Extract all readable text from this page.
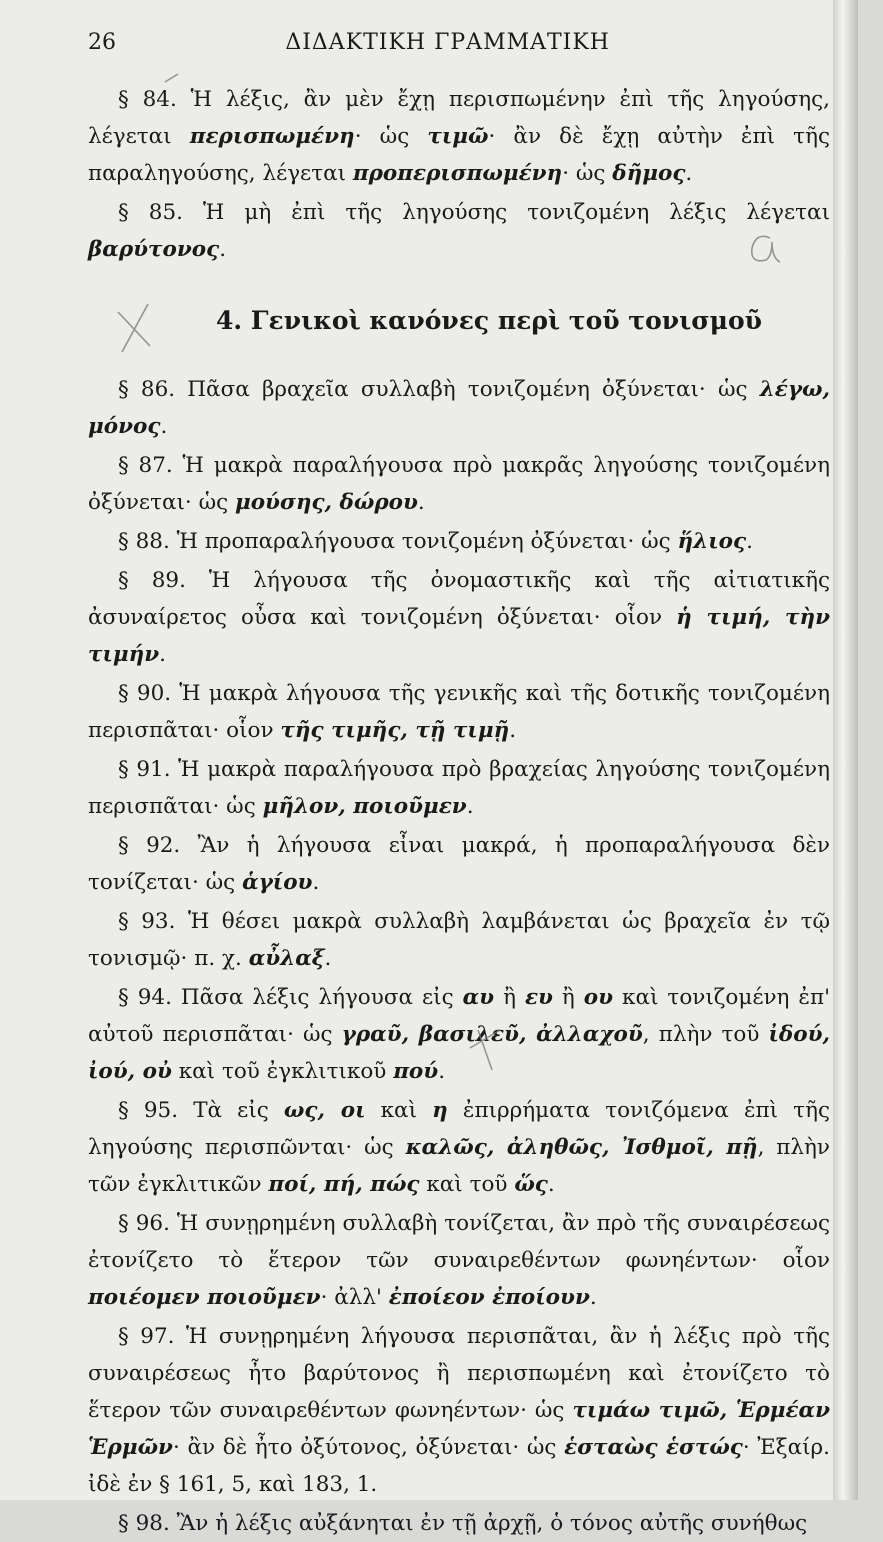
26	ΔΙΔΑΚΤΙΚΗ ΓΡΑΜΜΑΤΙΚΗ
§ 84. Ἡ λέξις, ἂν μὲν ἔχῃ περισπωμένην ἐπὶ τῆς ληγούσης, λέγεται περισπωμένη· ὡς τιμῶ· ἂν δὲ ἔχῃ αὐτὴν ἐπὶ τῆς παραληγούσης, λέγεται προπερισπωμένη· ὡς δῆμος.
§ 85. Ἡ μὴ ἐπὶ τῆς ληγούσης τονιζομένη λέξις λέγεται βαρύτονος.
4. Γενικοὶ κανόνες περὶ τοῦ τονισμοῦ
§ 86. Πᾶσα βραχεῖα συλλαβὴ τονιζομένη ὀξύνεται· ὡς λέγω, μόνος.
§ 87. Ἡ μακρὰ παραλήγουσα πρὸ μακρᾶς ληγούσης τονιζομένη ὀξύνεται· ὡς μούσης, δώρου.
§ 88. Ἡ προπαραλήγουσα τονιζομένη ὀξύνεται· ὡς ἥλιος.
§ 89. Ἡ λήγουσα τῆς ὀνομαστικῆς καὶ τῆς αἰτιατικῆς ἀσυναίρετος οὖσα καὶ τονιζομένη ὀξύνεται· οἷον ἡ τιμή, τὴν τιμήν.
§ 90. Ἡ μακρὰ λήγουσα τῆς γενικῆς καὶ τῆς δοτικῆς τονιζομένη περισπᾶται· οἷον τῆς τιμῆς, τῇ τιμῇ.
§ 91. Ἡ μακρὰ παραλήγουσα πρὸ βραχείας ληγούσης τονιζομένη περισπᾶται· ὡς μῆλον, ποιοῦμεν.
§ 92. Ἂν ἡ λήγουσα εἶναι μακρά, ἡ προπαραλήγουσα δὲν τονίζεται· ὡς ἁγίου.
§ 93. Ἡ θέσει μακρὰ συλλαβὴ λαμβάνεται ὡς βραχεῖα ἐν τῷ τονισμῷ· π. χ. αὖλαξ.
§ 94. Πᾶσα λέξις λήγουσα εἰς αυ ἢ ευ ἢ ου καὶ τονιζομένη ἐπ' αὐτοῦ περισπᾶται· ὡς γραῦ, βασιλεῦ, ἀλλαχοῦ, πλὴν τοῦ ἰδού, ἰού, οὐ καὶ τοῦ ἐγκλιτικοῦ πού.
§ 95. Τὰ εἰς ως, οι καὶ η ἐπιρρήματα τονιζόμενα ἐπὶ τῆς ληγούσης περισπῶνται· ὡς καλῶς, ἀληθῶς, Ἰσθμοῖ, πῇ, πλὴν τῶν ἐγκλιτικῶν ποί, πή, πώς καὶ τοῦ ὥς.
§ 96. Ἡ συνῃρημένη συλλαβὴ τονίζεται, ἂν πρὸ τῆς συναιρέσεως ἐτονίζετο τὸ ἕτερον τῶν συναιρεθέντων φωνηέντων· οἷον ποιέομεν ποιοῦμεν· ἀλλ' ἐποίεον ἐποίουν.
§ 97. Ἡ συνῃρημένη λήγουσα περισπᾶται, ἂν ἡ λέξις πρὸ τῆς συναιρέσεως ἦτο βαρύτονος ἢ περισπωμένη καὶ ἐτονίζετο τὸ ἕτερον τῶν συναιρεθέντων φωνηέντων· ὡς τιμάω τιμῶ, Ἑρμέαν Ἑρμῶν· ἂν δὲ ἦτο ὀξύτονος, ὀξύνεται· ὡς ἑσταὼς ἑστώς· Ἐξαίρ. ἰδὲ ἐν § 161, 5, καὶ 183, 1.
§ 98. Ἂν ἡ λέξις αὐξάνηται ἐν τῇ ἀρχῇ, ὁ τόνος αὐτῆς συνήθως
